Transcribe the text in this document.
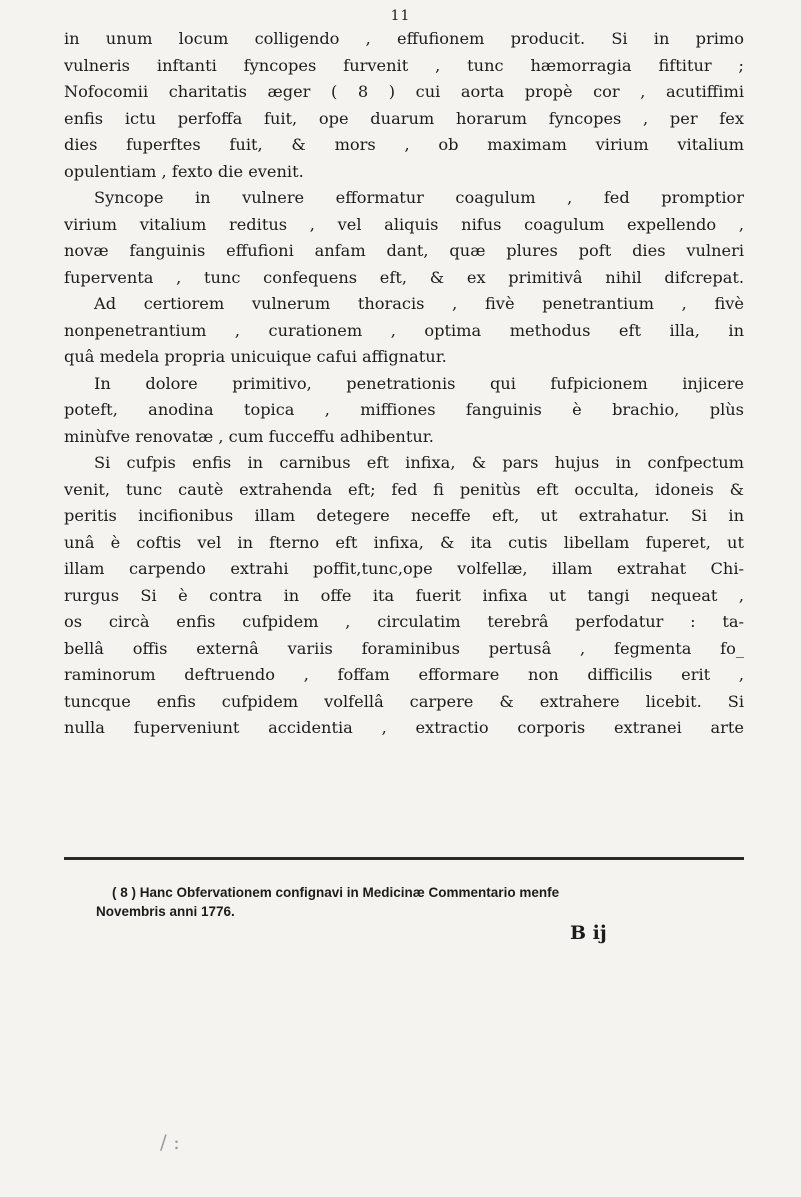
11
in unum locum colligendo , effufionem producit. Si in primo
vulneris inftanti fyncopes furvenit , tunc hæmorragia fiftitur ;
Nofocomii charitatis æger ( 8 ) cui aorta propè cor , acutiffimi
enfis ictu perfoffa fuit, ope duarum horarum fyncopes , per fex
dies fuperftes fuit, & mors , ob maximam virium vitalium
opulentiam , fexto die evenit.
Syncope in vulnere efformatur coagulum , fed promptior
virium vitalium reditus , vel aliquis nifus coagulum expellendo ,
novæ fanguinis effufioni anfam dant, quæ plures poft dies vulneri
fuperventa , tunc confequens eft, & ex primitivâ nihil difcrepat.
Ad certiorem vulnerum thoracis , fivè penetrantium , fivè
nonpenetrantium , curationem , optima methodus eft illa, in
quâ medela propria unicuique cafui affignatur.
In dolore primitivo, penetrationis qui fufpicionem injicere
poteft, anodina topica , miffiones fanguinis è brachio, plùs
minùfve renovatæ , cum fucceffu adhibentur.
Si cufpis enfis in carnibus eft infixa, & pars hujus in confpectum
venit, tunc cautè extrahenda eft; fed fi penitùs eft occulta, idoneis &
peritis incifionibus illam detegere neceffe eft, ut extrahatur. Si in
unâ è coftis vel in fterno eft infixa, & ita cutis libellam fuperet, ut
illam carpendo extrahi poffit,tunc,ope volfellæ, illam extrahat Chi-
rurgus Si è contra in offe ita fuerit infixa ut tangi nequeat ,
os circà enfis cufpidem , circulatim terebrâ perfodatur : ta-
bellâ offis externâ variis foraminibus pertusâ , fegmenta fo_
raminorum deftruendo , foffam efformare non difficilis erit ,
tuncque enfis cufpidem volfellâ carpere & extrahere licebit. Si
nulla fuperveniunt accidentia , extractio corporis extranei arte
( 8 ) Hanc Obfervationem confignavi in Medicinæ Commentario menfe
Novembris anni 1776.
B ij
/ :
